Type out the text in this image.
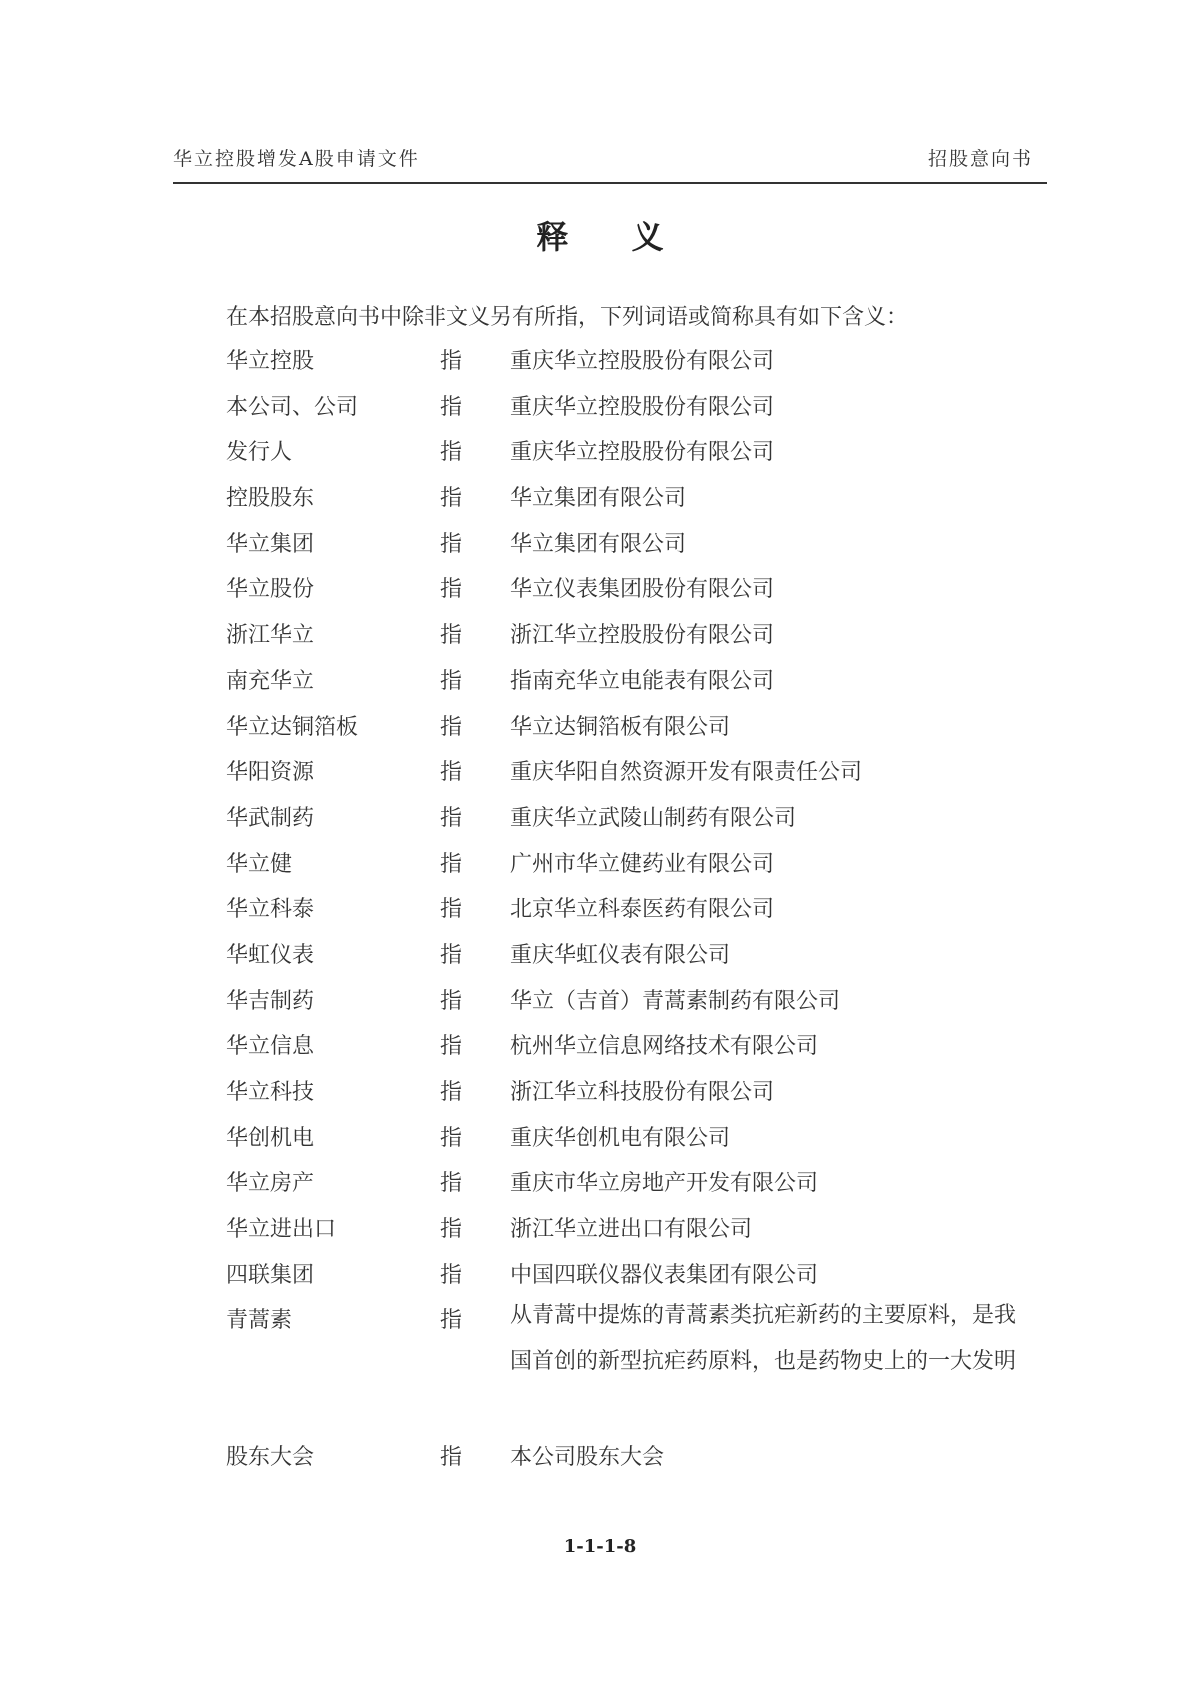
华立控股增发A股申请文件	招股意向书
释 义
在本招股意向书中除非文义另有所指，下列词语或简称具有如下含义：
华立控股	指 重庆华立控股股份有限公司
本公司、公司	指 重庆华立控股股份有限公司
发行人	指 重庆华立控股股份有限公司
控股股东	指 华立集团有限公司
华立集团	指 华立集团有限公司
华立股份	指 华立仪表集团股份有限公司
浙江华立	指 浙江华立控股股份有限公司
南充华立	指 指南充华立电能表有限公司
华立达铜箔板	指 华立达铜箔板有限公司
华阳资源	指 重庆华阳自然资源开发有限责任公司
华武制药	指 重庆华立武陵山制药有限公司
华立健	指 广州市华立健药业有限公司
华立科泰	指 北京华立科泰医药有限公司
华虹仪表	指 重庆华虹仪表有限公司
华吉制药	指 华立（吉首）青蒿素制药有限公司
华立信息	指 杭州华立信息网络技术有限公司
华立科技	指 浙江华立科技股份有限公司
华创机电	指 重庆华创机电有限公司
华立房产	指 重庆市华立房地产开发有限公司
华立进出口	指 浙江华立进出口有限公司
四联集团	指 中国四联仪器仪表集团有限公司
青蒿素	指 从青蒿中提炼的青蒿素类抗疟新药的主要原料，是我国首创的新型抗疟药原料，也是药物史上的一大发明
股东大会	指 本公司股东大会
1-1-1-8
